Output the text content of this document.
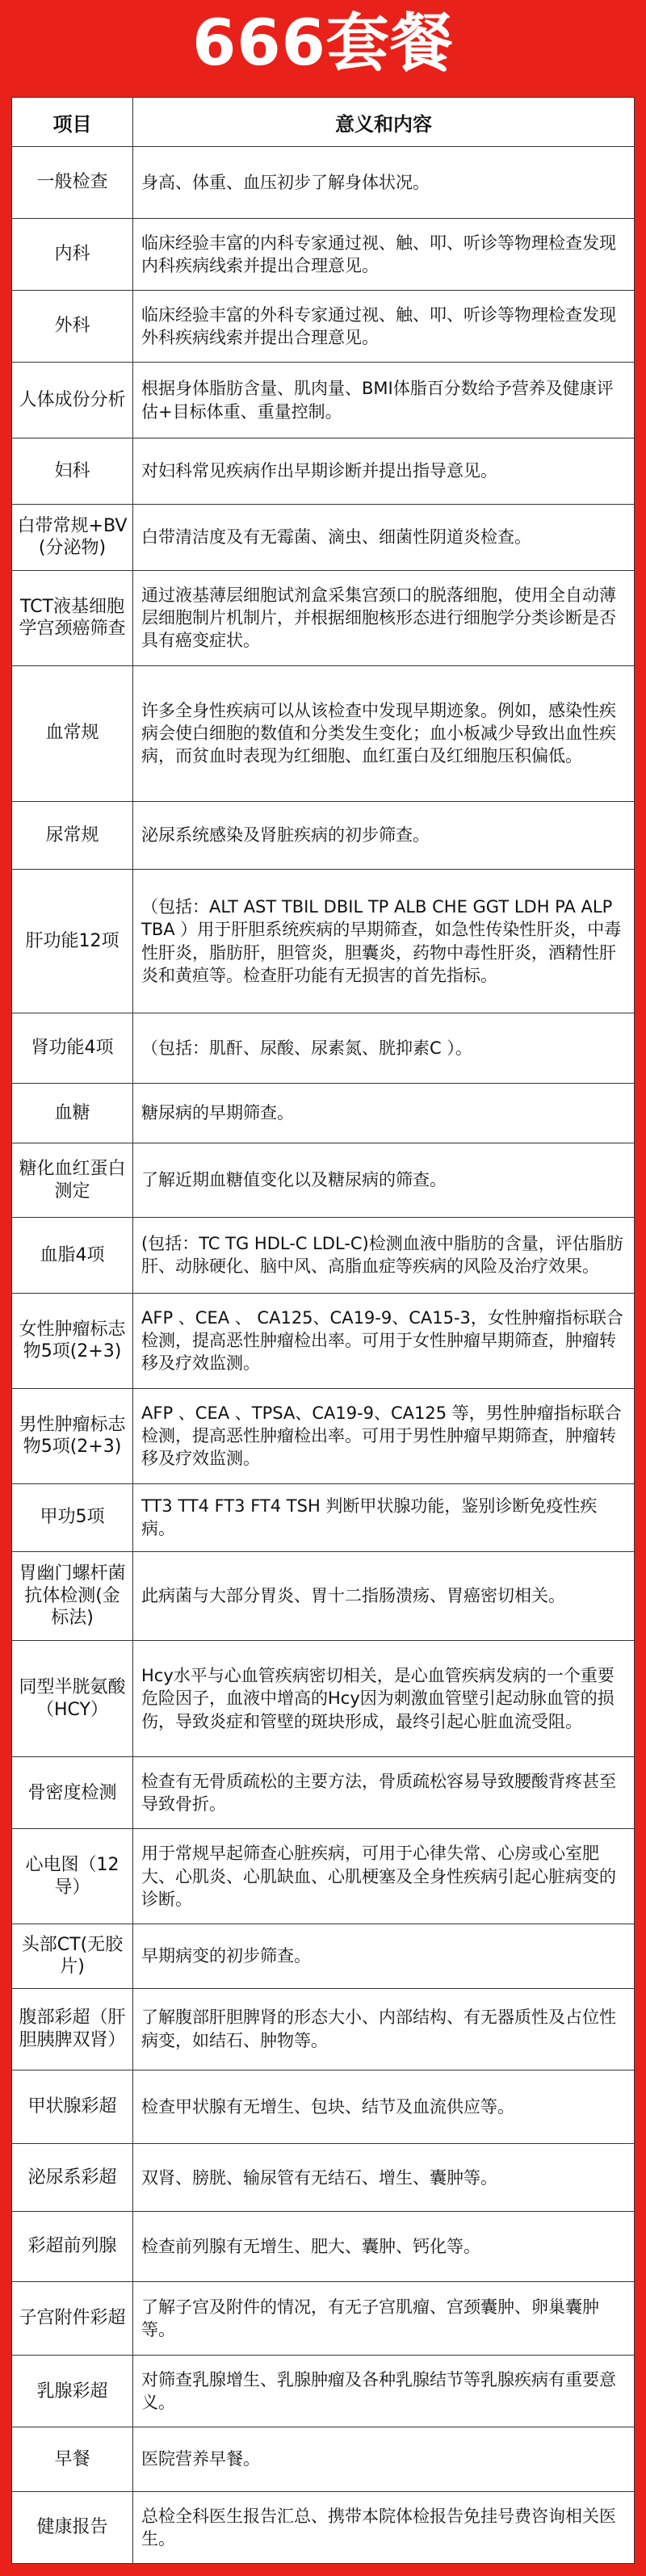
666套餐
项目	意义和内容
一般检查	身高、体重、血压初步了解身体状况。
内科	临床经验丰富的内科专家通过视、触、叩、听诊等物理检查发现内科疾病线索并提出合理意见。
外科	临床经验丰富的外科专家通过视、触、叩、听诊等物理检查发现外科疾病线索并提出合理意见。
人体成份分析	根据身体脂肪含量、肌肉量、BMI体脂百分数给予营养及健康评估+目标体重、重量控制。
妇科	对妇科常见疾病作出早期诊断并提出指导意见。
白带常规+BV(分泌物)	白带清洁度及有无霉菌、滴虫、细菌性阴道炎检查。
TCT液基细胞学宫颈癌筛查	通过液基薄层细胞试剂盒采集宫颈口的脱落细胞，使用全自动薄层细胞制片机制片，并根据细胞核形态进行细胞学分类诊断是否具有癌变症状。
血常规	许多全身性疾病可以从该检查中发现早期迹象。例如，感染性疾病会使白细胞的数值和分类发生变化；血小板减少导致出血性疾病，而贫血时表现为红细胞、血红蛋白及红细胞压积偏低。
尿常规	泌尿系统感染及肾脏疾病的初步筛查。
肝功能12项	（包括：ALT AST TBIL DBIL TP ALB CHE GGT LDH PA ALP TBA ）用于肝胆系统疾病的早期筛查，如急性传染性肝炎，中毒性肝炎，脂肪肝，胆管炎，胆囊炎，药物中毒性肝炎，酒精性肝炎和黄疸等。检查肝功能有无损害的首先指标。
肾功能4项	（包括：肌酐、尿酸、尿素氮、胱抑素C ）。
血糖	糖尿病的早期筛查。
糖化血红蛋白测定	了解近期血糖值变化以及糖尿病的筛查。
血脂4项	(包括：TC TG HDL-C LDL-C)检测血液中脂肪的含量，评估脂肪肝、动脉硬化、脑中风、高脂血症等疾病的风险及治疗效果。
女性肿瘤标志物5项(2+3)	AFP 、CEA 、 CA125、CA19-9、CA15-3，女性肿瘤指标联合检测，提高恶性肿瘤检出率。可用于女性肿瘤早期筛查，肿瘤转移及疗效监测。
男性肿瘤标志物5项(2+3)	AFP 、CEA 、TPSA、CA19-9、CA125 等，男性肿瘤指标联合检测，提高恶性肿瘤检出率。可用于男性肿瘤早期筛查，肿瘤转移及疗效监测。
甲功5项	TT3 TT4 FT3 FT4 TSH 判断甲状腺功能，鉴别诊断免疫性疾病。
胃幽门螺杆菌抗体检测(金标法)	此病菌与大部分胃炎、胃十二指肠溃疡、胃癌密切相关。
同型半胱氨酸（HCY）	Hcy水平与心血管疾病密切相关，是心血管疾病发病的一个重要危险因子，血液中增高的Hcy因为刺激血管壁引起动脉血管的损伤，导致炎症和管壁的斑块形成，最终引起心脏血流受阻。
骨密度检测	检查有无骨质疏松的主要方法，骨质疏松容易导致腰酸背疼甚至导致骨折。
心电图（12导）	用于常规早起筛查心脏疾病，可用于心律失常、心房或心室肥大、心肌炎、心肌缺血、心肌梗塞及全身性疾病引起心脏病变的诊断。
头部CT(无胶片)	早期病变的初步筛查。
腹部彩超（肝胆胰脾双肾）	了解腹部肝胆脾肾的形态大小、内部结构、有无器质性及占位性病变，如结石、肿物等。
甲状腺彩超	检查甲状腺有无增生、包块、结节及血流供应等。
泌尿系彩超	双肾、膀胱、输尿管有无结石、增生、囊肿等。
彩超前列腺	检查前列腺有无增生、肥大、囊肿、钙化等。
子宫附件彩超	了解子宫及附件的情况，有无子宫肌瘤、宫颈囊肿、卵巢囊肿等。
乳腺彩超	对筛查乳腺增生、乳腺肿瘤及各种乳腺结节等乳腺疾病有重要意义。
早餐	医院营养早餐。
健康报告	总检全科医生报告汇总、携带本院体检报告免挂号费咨询相关医生。
